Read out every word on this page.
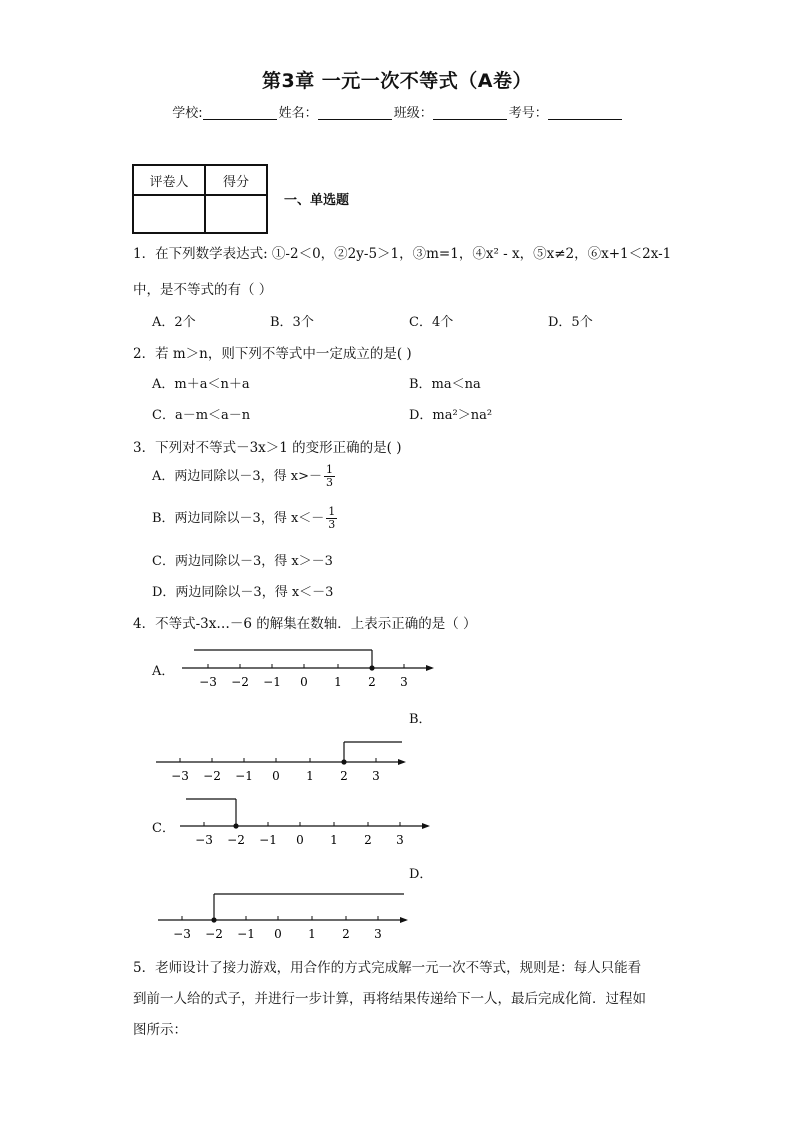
第3章 一元一次不等式（A卷）
学校:	姓名：	班级：	考号：
评卷人	得分

一、单选题
1．在下列数学表达式: ①-2＜0，②2y-5＞1，③m=1，④x² - x，⑤x≠2，⑥x+1＜2x-1
中，是不等式的有（ ）
A．2个	B．3个	C．4个	D．5个
2．若 m＞n，则下列不等式中一定成立的是( )
A．m＋a＜n＋a	B．ma＜na
C．a－m＜a－n	D．ma²＞na²
3．下列对不等式－3x＞1 的变形正确的是( )
A．两边同除以－3，得 $x>- \frac{1}{3}$
B．两边同除以－3，得 $x<- \frac{1}{3}$
C．两边同除以－3，得 x＞－3
D．两边同除以－3，得 x＜－3
4．不等式-3x…－6 的解集在数轴．上表示正确的是（ ）
A．
−3 −2 −1 0 1 2 3
B．
−3 −2 −1 0 1 2 3
C．
−3 −2 −1 0 1 2 3
D．
−3 −2 −1 0 1 2 3
5．老师设计了接力游戏，用合作的方式完成解一元一次不等式，规则是：每人只能看
到前一人给的式子，并进行一步计算，再将结果传递给下一人，最后完成化简．过程如
图所示：
